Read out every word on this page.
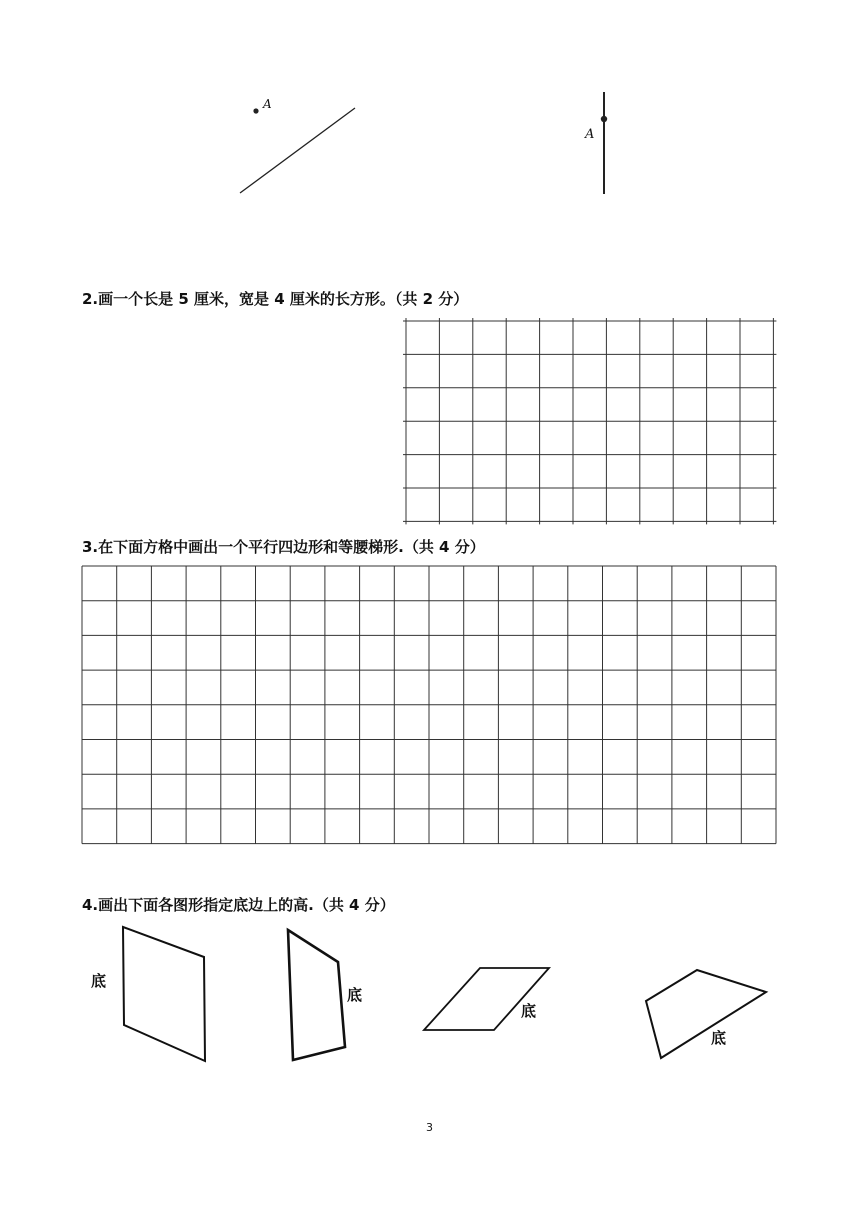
A
A
2.画一个长是 5 厘米，宽是 4 厘米的长方形。（共 2 分）
3.在下面方格中画出一个平行四边形和等腰梯形.（共 4 分）
4.画出下面各图形指定底边上的高.（共 4 分）
底
底
底
底
3
